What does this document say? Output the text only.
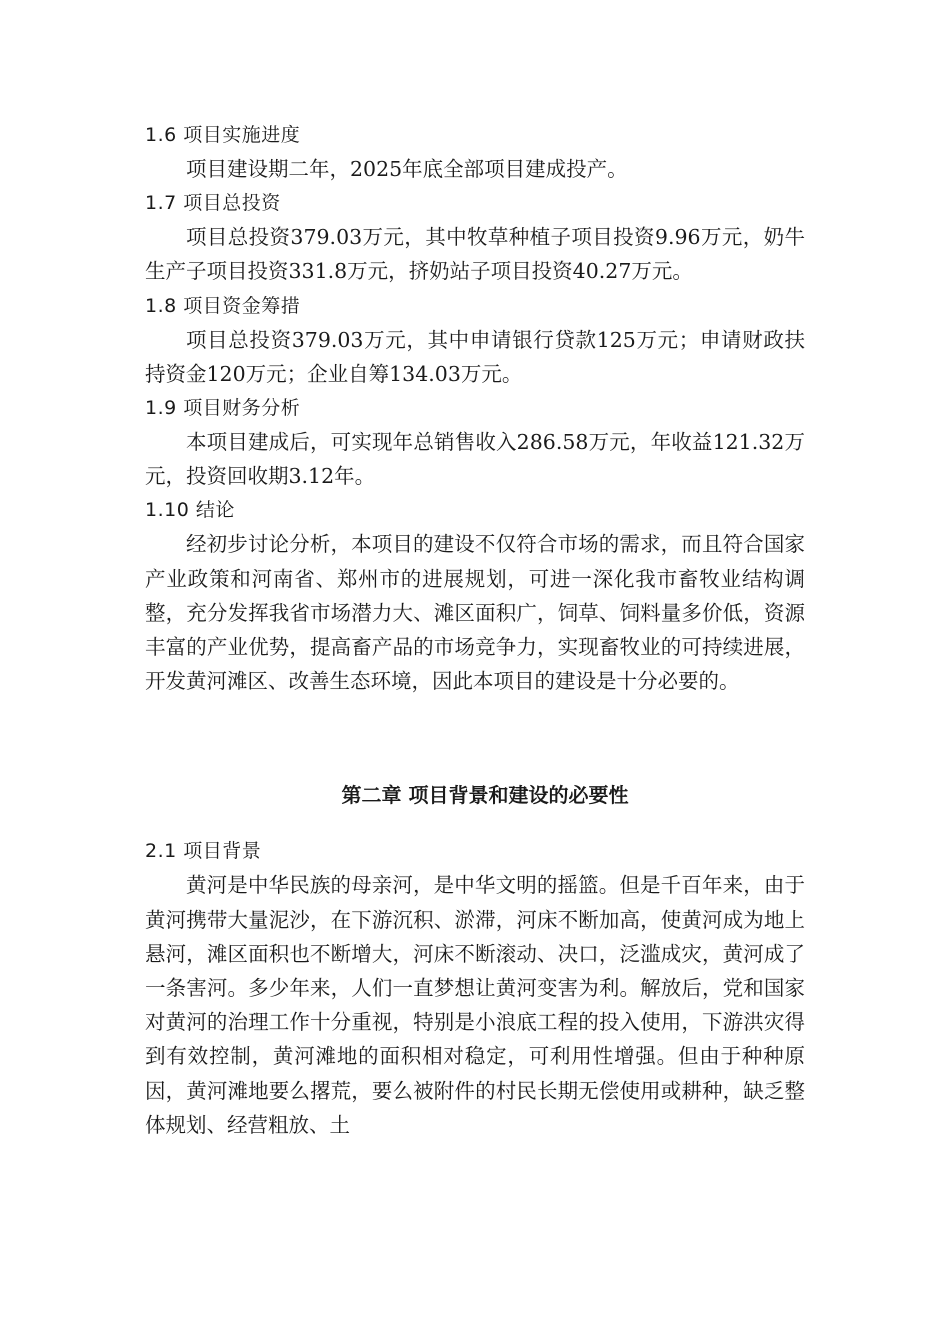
1.6 项目实施进度

项目建设期二年，2025年底全部项目建成投产。

1.7 项目总投资

项目总投资379.03万元，其中牧草种植子项目投资9.96万元，奶牛生产子项目投资331.8万元，挤奶站子项目投资40.27万元。

1.8 项目资金筹措

项目总投资379.03万元，其中申请银行贷款125万元；申请财政扶持资金120万元；企业自筹134.03万元。

1.9 项目财务分析

本项目建成后，可实现年总销售收入286.58万元，年收益121.32万元，投资回收期3.12年。

1.10 结论

经初步讨论分析，本项目的建设不仅符合市场的需求，而且符合国家产业政策和河南省、郑州市的进展规划，可进一深化我市畜牧业结构调整，充分发挥我省市场潜力大、滩区面积广，饲草、饲料量多价低，资源丰富的产业优势，提高畜产品的市场竞争力，实现畜牧业的可持续进展，开发黄河滩区、改善生态环境，因此本项目的建设是十分必要的。

第二章 项目背景和建设的必要性
2.1 项目背景

黄河是中华民族的母亲河，是中华文明的摇篮。但是千百年来，由于黄河携带大量泥沙，在下游沉积、淤滞，河床不断加高，使黄河成为地上悬河，滩区面积也不断增大，河床不断滚动、决口，泛滥成灾，黄河成了一条害河。多少年来，人们一直梦想让黄河变害为利。解放后，党和国家对黄河的治理工作十分重视，特别是小浪底工程的投入使用，下游洪灾得到有效控制，黄河滩地的面积相对稳定，可利用性增强。但由于种种原因，黄河滩地要么撂荒，要么被附件的村民长期无偿使用或耕种，缺乏整体规划、经营粗放、土
